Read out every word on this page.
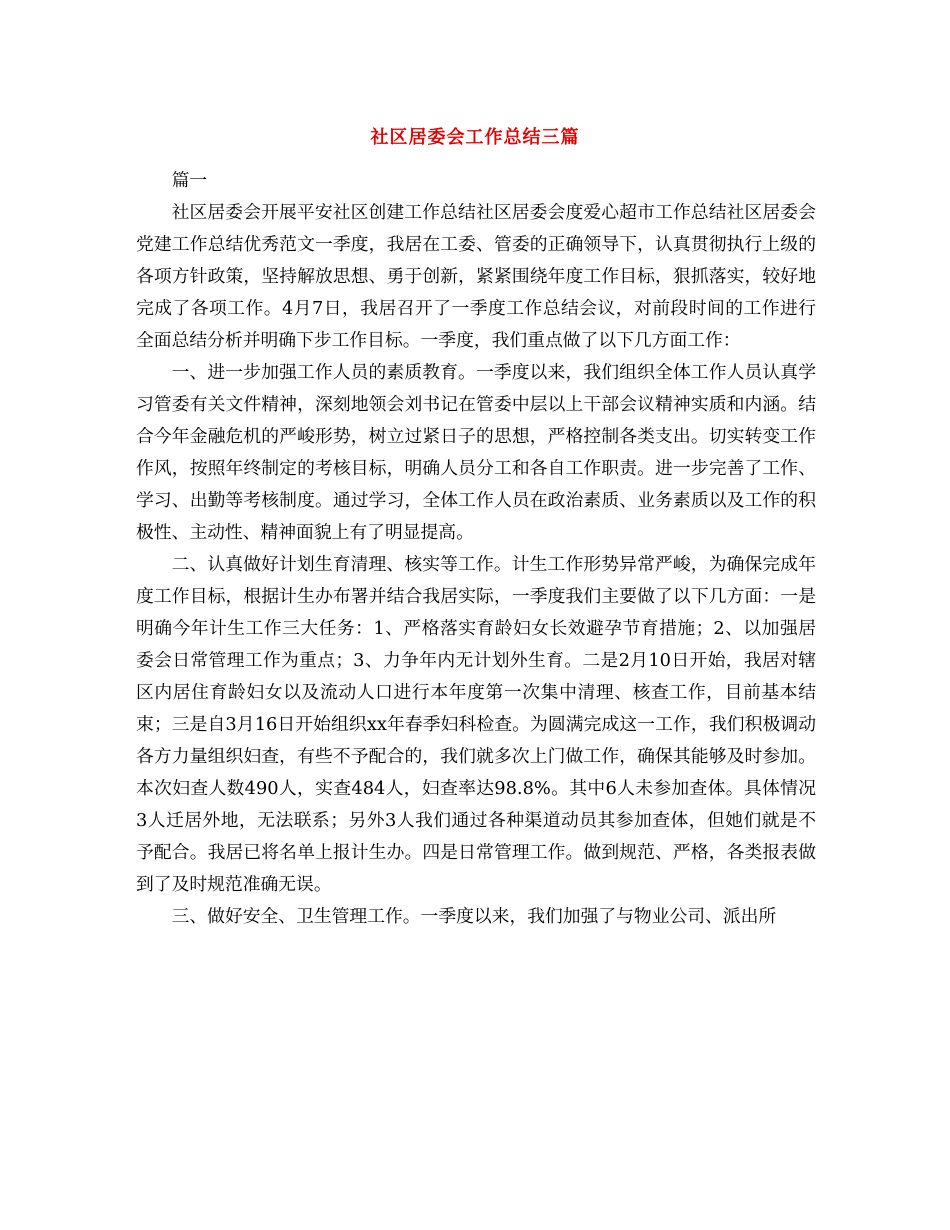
社区居委会工作总结三篇

篇一

社区居委会开展平安社区创建工作总结社区居委会度爱心超市工作总结社区居委会党建工作总结优秀范文一季度，我居在工委、管委的正确领导下，认真贯彻执行上级的各项方针政策，坚持解放思想、勇于创新，紧紧围绕年度工作目标，狠抓落实，较好地完成了各项工作。4月7日，我居召开了一季度工作总结会议，对前段时间的工作进行全面总结分析并明确下步工作目标。一季度，我们重点做了以下几方面工作：

一、进一步加强工作人员的素质教育。一季度以来，我们组织全体工作人员认真学习管委有关文件精神，深刻地领会刘书记在管委中层以上干部会议精神实质和内涵。结合今年金融危机的严峻形势，树立过紧日子的思想，严格控制各类支出。切实转变工作作风，按照年终制定的考核目标，明确人员分工和各自工作职责。进一步完善了工作、学习、出勤等考核制度。通过学习，全体工作人员在政治素质、业务素质以及工作的积极性、主动性、精神面貌上有了明显提高。

二、认真做好计划生育清理、核实等工作。计生工作形势异常严峻，为确保完成年度工作目标，根据计生办布署并结合我居实际，一季度我们主要做了以下几方面：一是明确今年计生工作三大任务：1、严格落实育龄妇女长效避孕节育措施；2、以加强居委会日常管理工作为重点；3、力争年内无计划外生育。二是2月10日开始，我居对辖区内居住育龄妇女以及流动人口进行本年度第一次集中清理、核查工作，目前基本结束；三是自3月16日开始组织xx年春季妇科检查。为圆满完成这一工作，我们积极调动各方力量组织妇查，有些不予配合的，我们就多次上门做工作，确保其能够及时参加。本次妇查人数490人，实查484人，妇查率达98.8%。其中6人未参加查体。具体情况3人迁居外地，无法联系；另外3人我们通过各种渠道动员其参加查体，但她们就是不予配合。我居已将名单上报计生办。四是日常管理工作。做到规范、严格，各类报表做到了及时规范准确无误。

三、做好安全、卫生管理工作。一季度以来，我们加强了与物业公司、派出所
